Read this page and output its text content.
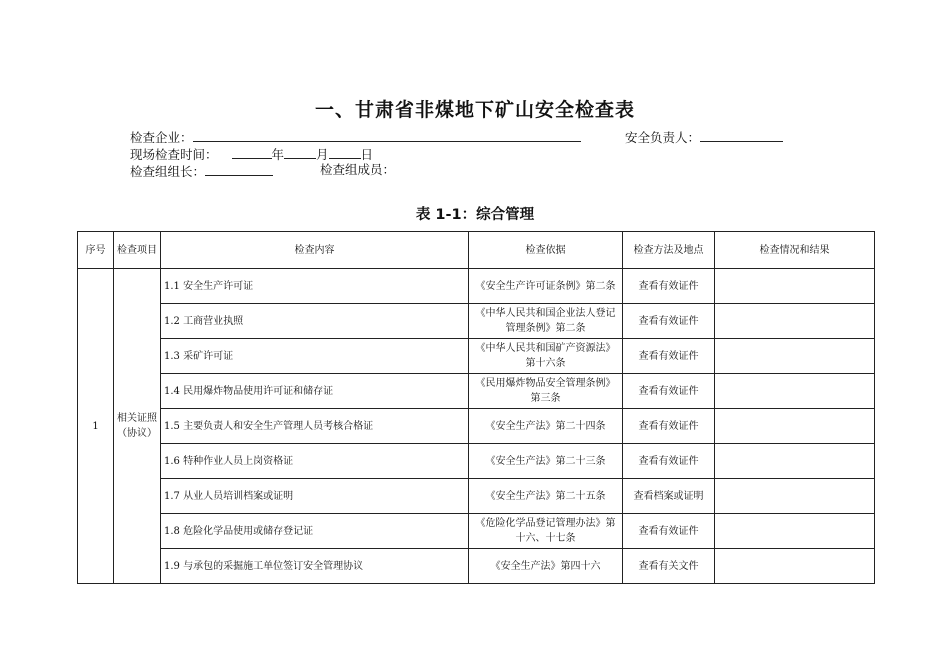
一、甘肃省非煤地下矿山安全检查表
检查企业：	安全负责人：
现场检查时间：	年	月	日
检查组组长：	检查组成员：
表 1-1：综合管理
序号	检查项目	检查内容	检查依据	检查方法及地点	检查情况和结果
1	相关证照（协议）	1.1 安全生产许可证	《安全生产许可证条例》第二条	查看有效证件	
		1.2 工商营业执照	《中华人民共和国企业法人登记管理条例》第二条	查看有效证件	
		1.3 采矿许可证	《中华人民共和国矿产资源法》第十六条	查看有效证件	
		1.4 民用爆炸物品使用许可证和储存证	《民用爆炸物品安全管理条例》第三条	查看有效证件	
		1.5 主要负责人和安全生产管理人员考核合格证	《安全生产法》第二十四条	查看有效证件	
		1.6 特种作业人员上岗资格证	《安全生产法》第二十三条	查看有效证件	
		1.7 从业人员培训档案或证明	《安全生产法》第二十五条	查看档案或证明	
		1.8 危险化学品使用或储存登记证	《危险化学品登记管理办法》第十六、十七条	查看有效证件	
		1.9 与承包的采掘施工单位签订安全管理协议	《安全生产法》第四十六	查看有关文件	
